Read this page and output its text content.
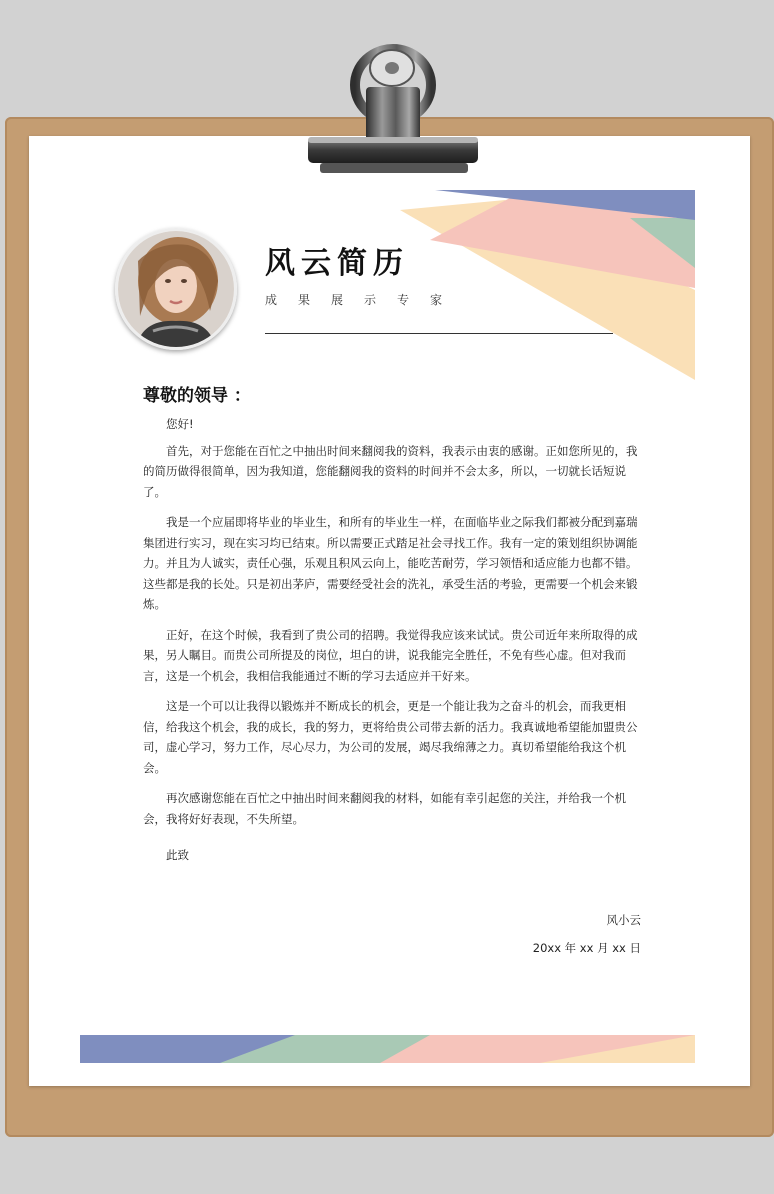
风云简历
成果展示专家
尊敬的领导 ：

您好!

首先，对于您能在百忙之中抽出时间来翻阅我的资料，我表示由衷的感谢。正如您所见的，我的简历做得很简单，因为我知道，您能翻阅我的资料的时间并不会太多，所以，一切就长话短说了。

我是一个应届即将毕业的毕业生，和所有的毕业生一样，在面临毕业之际我们都被分配到嘉瑞集团进行实习，现在实习均已结束。所以需要正式踏足社会寻找工作。我有一定的策划组织协调能力。并且为人诚实，责任心强，乐观且积风云向上，能吃苦耐劳，学习领悟和适应能力也都不错。这些都是我的长处。只是初出茅庐，需要经受社会的洗礼，承受生活的考验，更需要一个机会来锻炼。

正好，在这个时候，我看到了贵公司的招聘。我觉得我应该来试试。贵公司近年来所取得的成果，另人瞩目。而贵公司所提及的岗位，坦白的讲，说我能完全胜任，不免有些心虚。但对我而言，这是一个机会，我相信我能通过不断的学习去适应并干好来。

这是一个可以让我得以锻炼并不断成长的机会，更是一个能让我为之奋斗的机会，而我更相信，给我这个机会，我的成长，我的努力，更将给贵公司带去新的活力。我真诚地希望能加盟贵公司，虚心学习，努力工作，尽心尽力，为公司的发展，竭尽我绵薄之力。真切希望能给我这个机会。

再次感谢您能在百忙之中抽出时间来翻阅我的材料，如能有幸引起您的关注，并给我一个机会，我将好好表现，不失所望。

此致
风小云
20xx 年 xx 月 xx 日
